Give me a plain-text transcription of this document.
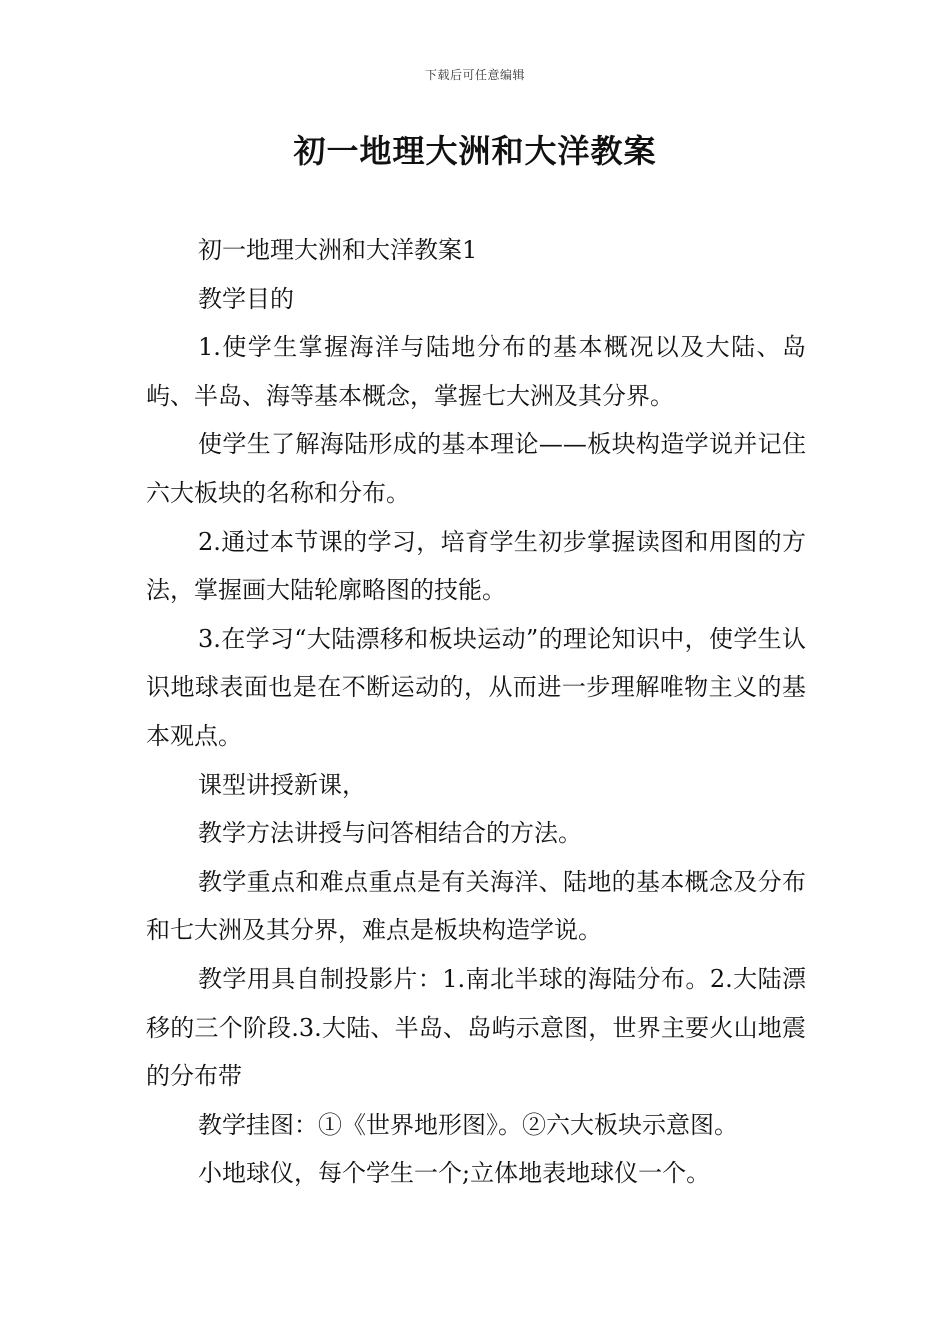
下载后可任意编辑
初一地理大洲和大洋教案

初一地理大洲和大洋教案1

教学目的

1.使学生掌握海洋与陆地分布的基本概况以及大陆、岛屿、半岛、海等基本概念，掌握七大洲及其分界。

使学生了解海陆形成的基本理论——板块构造学说并记住六大板块的名称和分布。

2.通过本节课的学习，培育学生初步掌握读图和用图的方法，掌握画大陆轮廓略图的技能。

3.在学习“大陆漂移和板块运动”的理论知识中，使学生认识地球表面也是在不断运动的，从而进一步理解唯物主义的基本观点。

课型讲授新课，

教学方法讲授与问答相结合的方法。

教学重点和难点重点是有关海洋、陆地的基本概念及分布和七大洲及其分界，难点是板块构造学说。

教学用具自制投影片：1.南北半球的海陆分布。2.大陆漂移的三个阶段.3.大陆、半岛、岛屿示意图，世界主要火山地震的分布带

教学挂图：①《世界地形图》。②六大板块示意图。

小地球仪，每个学生一个;立体地表地球仪一个。
